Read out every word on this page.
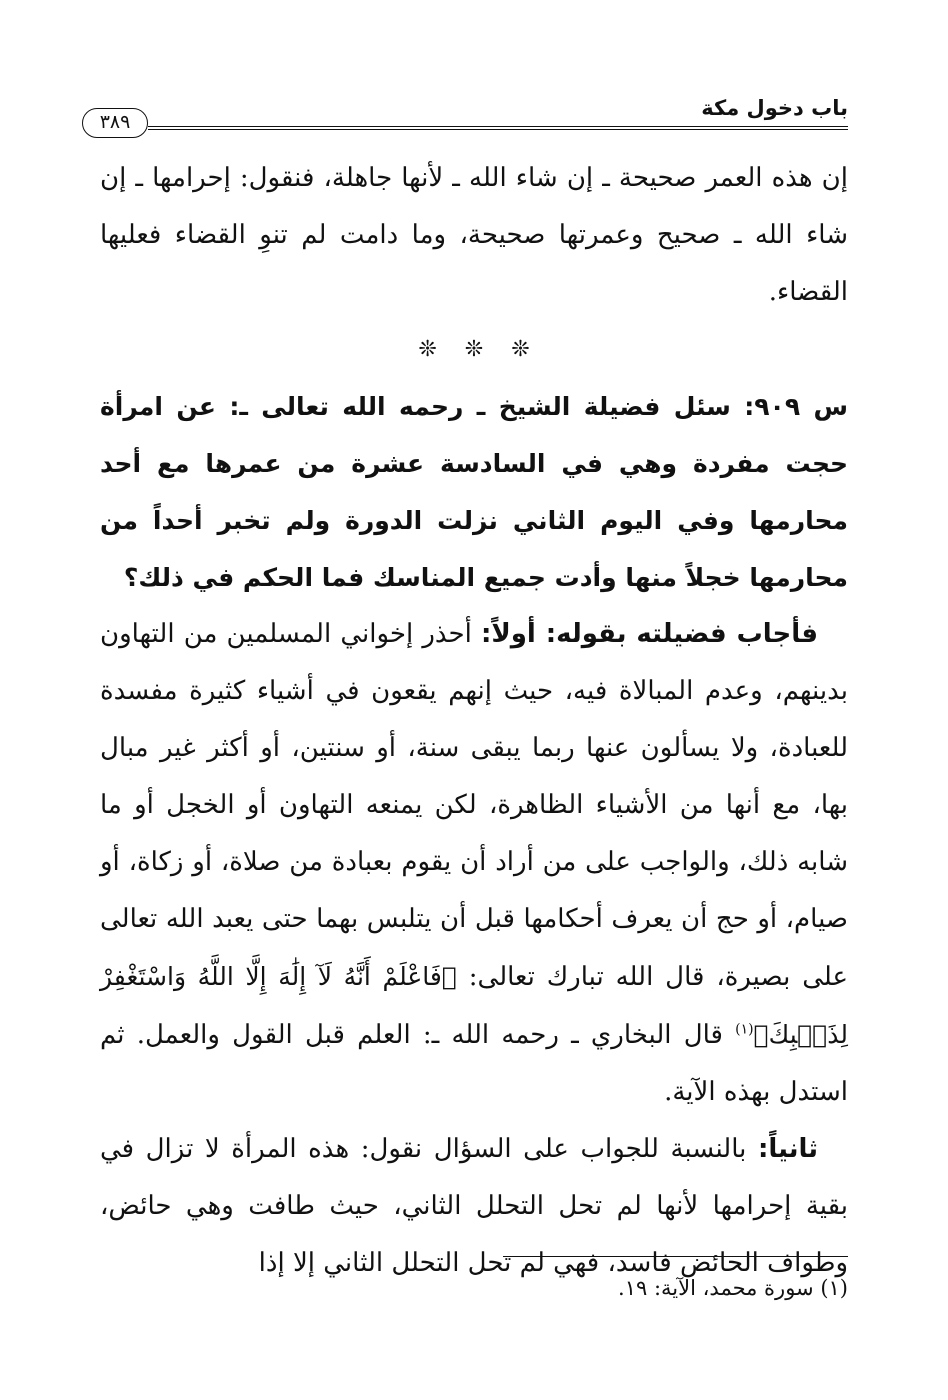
باب دخول مكة
٣٨٩

إن هذه العمر صحيحة ـ إن شاء الله ـ لأنها جاهلة، فنقول: إحرامها ـ إن شاء الله ـ صحيح وعمرتها صحيحة، وما دامت لم تنوِ القضاء فعليها القضاء.

❊❊❊

س ٩٠٩: سئل فضيلة الشيخ ـ رحمه الله تعالى ـ: عن امرأة حجت مفردة وهي في السادسة عشرة من عمرها مع أحد محارمها وفي اليوم الثاني نزلت الدورة ولم تخبر أحداً من محارمها خجلاً منها وأدت جميع المناسك فما الحكم في ذلك؟

فأجاب فضيلته بقوله: أولاً: أحذر إخواني المسلمين من التهاون بدينهم، وعدم المبالاة فيه، حيث إنهم يقعون في أشياء كثيرة مفسدة للعبادة، ولا يسألون عنها ربما يبقى سنة، أو سنتين، أو أكثر غير مبال بها، مع أنها من الأشياء الظاهرة، لكن يمنعه التهاون أو الخجل أو ما شابه ذلك، والواجب على من أراد أن يقوم بعبادة من صلاة، أو زكاة، أو صيام، أو حج أن يعرف أحكامها قبل أن يتلبس بهما حتى يعبد الله تعالى على بصيرة، قال الله تبارك تعالى: ﴿فَاعْلَمْ أَنَّهُ لَآ إِلَٰهَ إِلَّا اللَّهُ وَاسْتَغْفِرْ لِذَنۢبِكَ﴾$^{(١)}$ قال البخاري ـ رحمه الله ـ: العلم قبل القول والعمل. ثم استدل بهذه الآية.

ثانياً: بالنسبة للجواب على السؤال نقول: هذه المرأة لا تزال في بقية إحرامها لأنها لم تحل التحلل الثاني، حيث طافت وهي حائض، وطواف الحائض فاسد، فهي لم تحل التحلل الثاني إلا إذا

(١) سورة محمد، الآية: ١٩.
